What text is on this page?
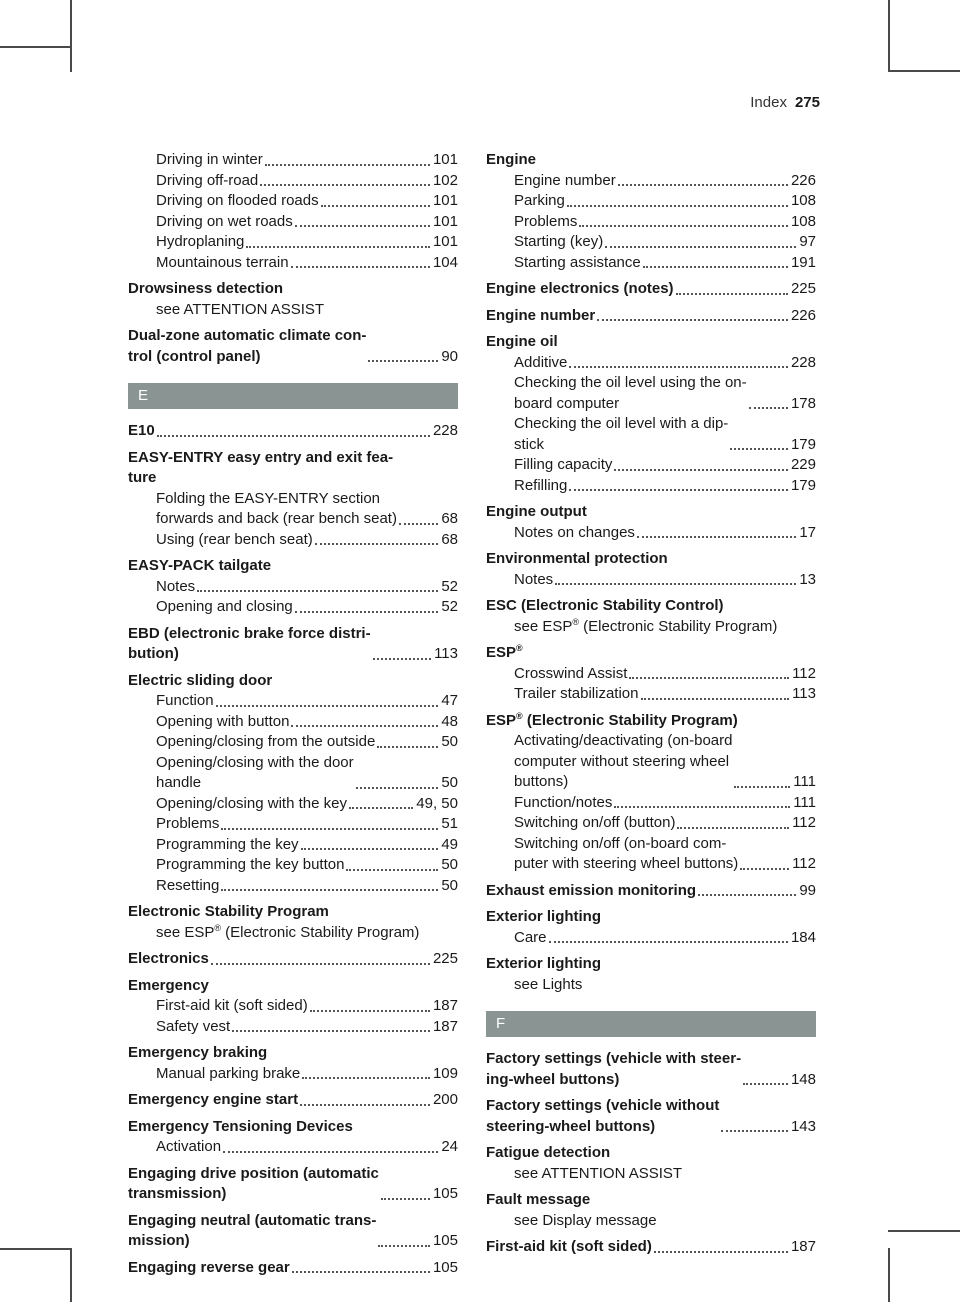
Index 275
Driving in winter	101
Driving off-road	102
Driving on flooded roads	101
Driving on wet roads	101
Hydroplaning	101
Mountainous terrain	104
Drowsiness detection
see ATTENTION ASSIST
Dual-zone automatic climate con-
trol (control panel)	90
E
E10	228
EASY-ENTRY easy entry and exit fea-
ture
Folding the EASY-ENTRY section
forwards and back (rear bench seat)	68
Using (rear bench seat)	68
EASY-PACK tailgate
Notes	52
Opening and closing	52
EBD (electronic brake force distri-
bution)	113
Electric sliding door
Function	47
Opening with button	48
Opening/closing from the outside	50
Opening/closing with the door
handle	50
Opening/closing with the key	49, 50
Problems	51
Programming the key	49
Programming the key button	50
Resetting	50
Electronic Stability Program
see ESP® (Electronic Stability Program)
Electronics	225
Emergency
First-aid kit (soft sided)	187
Safety vest	187
Emergency braking
Manual parking brake	109
Emergency engine start	200
Emergency Tensioning Devices
Activation	24
Engaging drive position (automatic
transmission)	105
Engaging neutral (automatic trans-
mission)	105
Engaging reverse gear	105
Engine
Engine number	226
Parking	108
Problems	108
Starting (key)	97
Starting assistance	191
Engine electronics (notes)	225
Engine number	226
Engine oil
Additive	228
Checking the oil level using the on-
board computer	178
Checking the oil level with a dip-
stick	179
Filling capacity	229
Refilling	179
Engine output
Notes on changes	17
Environmental protection
Notes	13
ESC (Electronic Stability Control)
see ESP® (Electronic Stability Program)
ESP®
Crosswind Assist	112
Trailer stabilization	113
ESP® (Electronic Stability Program)
Activating/deactivating (on-board
computer without steering wheel
buttons)	111
Function/notes	111
Switching on/off (button)	112
Switching on/off (on-board com-
puter with steering wheel buttons)	112
Exhaust emission monitoring	99
Exterior lighting
Care	184
Exterior lighting
see Lights
F
Factory settings (vehicle with steer-
ing-wheel buttons)	148
Factory settings (vehicle without
steering-wheel buttons)	143
Fatigue detection
see ATTENTION ASSIST
Fault message
see Display message
First-aid kit (soft sided)	187
